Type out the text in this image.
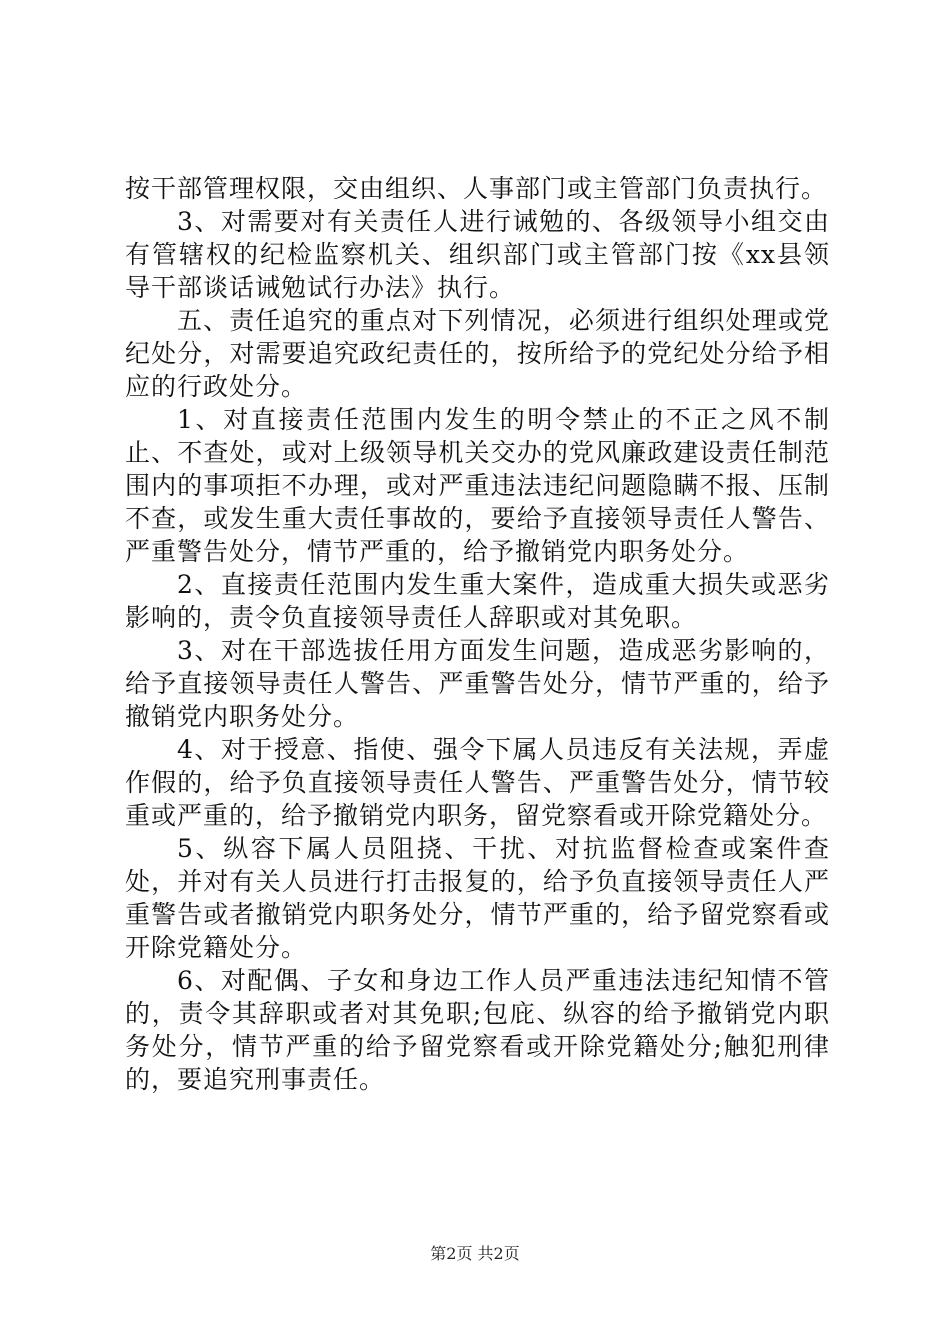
按干部管理权限，交由组织、人事部门或主管部门负责执行。

3、对需要对有关责任人进行诫勉的、各级领导小组交由有管辖权的纪检监察机关、组织部门或主管部门按《xx县领导干部谈话诫勉试行办法》执行。

五、责任追究的重点对下列情况，必须进行组织处理或党纪处分，对需要追究政纪责任的，按所给予的党纪处分给予相应的行政处分。

1、对直接责任范围内发生的明令禁止的不正之风不制止、不查处，或对上级领导机关交办的党风廉政建设责任制范围内的事项拒不办理，或对严重违法违纪问题隐瞒不报、压制不查，或发生重大责任事故的，要给予直接领导责任人警告、严重警告处分，情节严重的，给予撤销党内职务处分。

2、直接责任范围内发生重大案件，造成重大损失或恶劣影响的，责令负直接领导责任人辞职或对其免职。

3、对在干部选拔任用方面发生问题，造成恶劣影响的，给予直接领导责任人警告、严重警告处分，情节严重的，给予撤销党内职务处分。

4、对于授意、指使、强令下属人员违反有关法规，弄虚作假的，给予负直接领导责任人警告、严重警告处分，情节较重或严重的，给予撤销党内职务，留党察看或开除党籍处分。

5、纵容下属人员阻挠、干扰、对抗监督检查或案件查处，并对有关人员进行打击报复的，给予负直接领导责任人严重警告或者撤销党内职务处分，情节严重的，给予留党察看或开除党籍处分。

6、对配偶、子女和身边工作人员严重违法违纪知情不管的，责令其辞职或者对其免职;包庇、纵容的给予撤销党内职务处分，情节严重的给予留党察看或开除党籍处分;触犯刑律的，要追究刑事责任。

第2页 共2页
